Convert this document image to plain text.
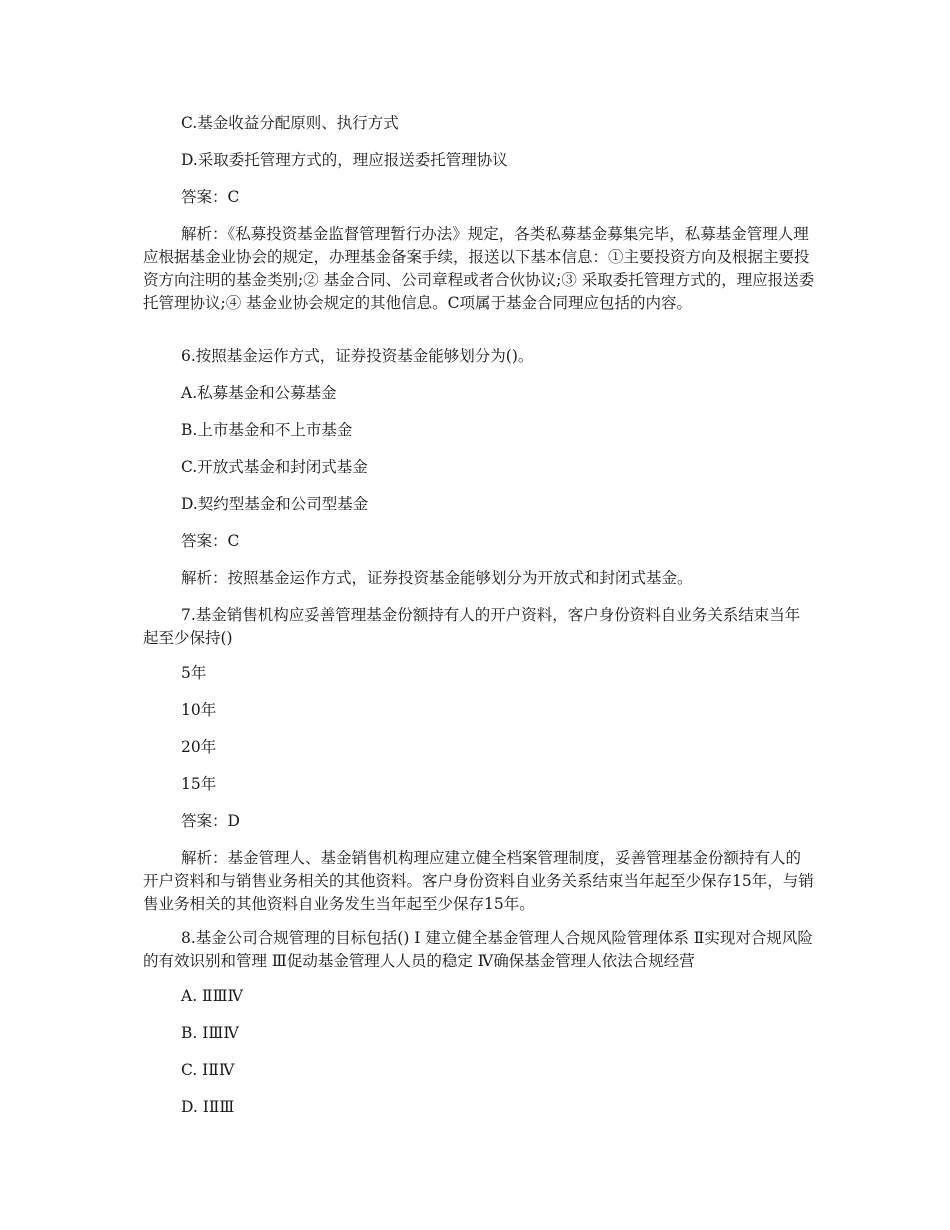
C.基金收益分配原则、执行方式

D.采取委托管理方式的，理应报送委托管理协议

答案：C

解析：《私募投资基金监督管理暂行办法》规定，各类私募基金募集完毕，私募基金管理人理应根据基金业协会的规定，办理基金备案手续，报送以下基本信息：①主要投资方向及根据主要投资方向注明的基金类别;② 基金合同、公司章程或者合伙协议;③ 采取委托管理方式的，理应报送委托管理协议;④ 基金业协会规定的其他信息。C项属于基金合同理应包括的内容。

6.按照基金运作方式，证券投资基金能够划分为()。

A.私募基金和公募基金

B.上市基金和不上市基金

C.开放式基金和封闭式基金

D.契约型基金和公司型基金

答案：C

解析：按照基金运作方式，证券投资基金能够划分为开放式和封闭式基金。

7.基金销售机构应妥善管理基金份额持有人的开户资料，客户身份资料自业务关系结束当年起至少保持()

5年

10年

20年

15年

答案：D

解析：基金管理人、基金销售机构理应建立健全档案管理制度，妥善管理基金份额持有人的开户资料和与销售业务相关的其他资料。客户身份资料自业务关系结束当年起至少保存15年，与销售业务相关的其他资料自业务发生当年起至少保存15年。

8.基金公司合规管理的目标包括() Ⅰ 建立健全基金管理人合规风险管理体系 Ⅱ实现对合规风险的有效识别和管理 Ⅲ促动基金管理人人员的稳定 Ⅳ确保基金管理人依法合规经营

A. ⅡⅢⅣ

B. ⅠⅢⅣ

C. ⅠⅡⅣ

D. ⅠⅡⅢ
